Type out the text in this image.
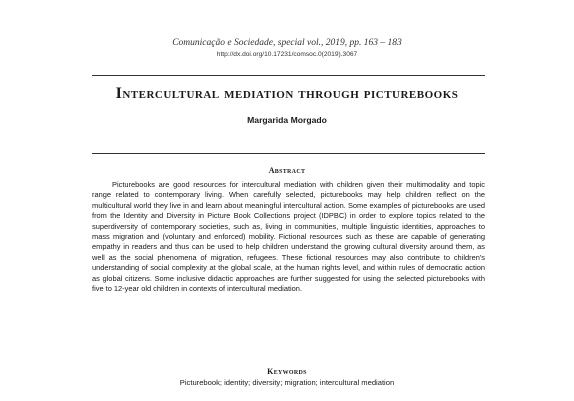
Comunicação e Sociedade, special vol., 2019, pp. 163 – 183
http://dx.doi.org/10.17231/comsoc.0(2019).3067
Intercultural mediation through picturebooks
Margarida Morgado
Abstract

Picturebooks are good resources for intercultural mediation with children given their multimodality and topic range related to contemporary living. When carefully selected, picturebooks may help children reflect on the multicultural world they live in and learn about meaningful intercultural action. Some examples of picturebooks are used from the Identity and Diversity in Picture Book Collections project (IDPBC) in order to explore topics related to the superdiversity of contemporary societies, such as, living in communities, multiple linguistic identities, approaches to mass migration and (voluntary and enforced) mobility. Fictional resources such as these are capable of generating empathy in readers and thus can be used to help children understand the growing cultural diversity around them, as well as the social phenomena of migration, refugees. These fictional resources may also contribute to children's understanding of social complexity at the global scale, at the human rights level, and within rules of democratic action as global citizens. Some inclusive didactic approaches are further suggested for using the selected picturebooks with five to 12-year old children in contexts of intercultural mediation.

Keywords
Picturebook; identity; diversity; migration; intercultural mediation
